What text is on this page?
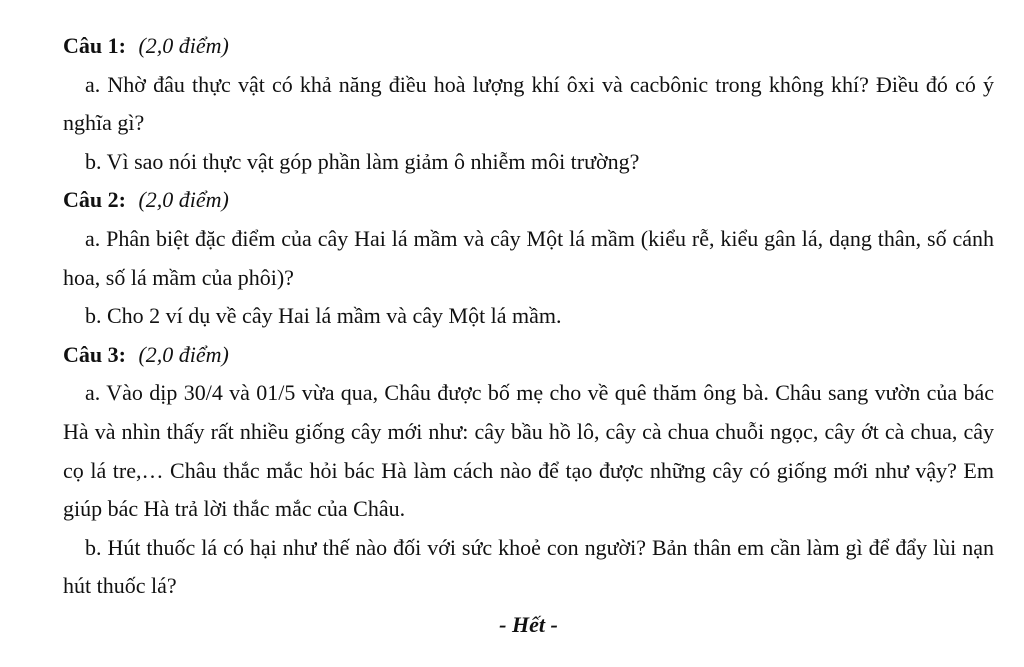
Câu 1: (2,0 điểm)

a. Nhờ đâu thực vật có khả năng điều hoà lượng khí ôxi và cacbônic trong không khí? Điều đó có ý nghĩa gì?

b. Vì sao nói thực vật góp phần làm giảm ô nhiễm môi trường?

Câu 2: (2,0 điểm)

a. Phân biệt đặc điểm của cây Hai lá mầm và cây Một lá mầm (kiểu rễ, kiểu gân lá, dạng thân, số cánh hoa, số lá mầm của phôi)?

b. Cho 2 ví dụ về cây Hai lá mầm và cây Một lá mầm.

Câu 3: (2,0 điểm)

a. Vào dịp 30/4 và 01/5 vừa qua, Châu được bố mẹ cho về quê thăm ông bà. Châu sang vườn của bác Hà và nhìn thấy rất nhiều giống cây mới như: cây bầu hồ lô, cây cà chua chuỗi ngọc, cây ớt cà chua, cây cọ lá tre,… Châu thắc mắc hỏi bác Hà làm cách nào để tạo được những cây có giống mới như vậy? Em giúp bác Hà trả lời thắc mắc của Châu.

b. Hút thuốc lá có hại như thế nào đối với sức khoẻ con người? Bản thân em cần làm gì để đẩy lùi nạn hút thuốc lá?

- Hết -
